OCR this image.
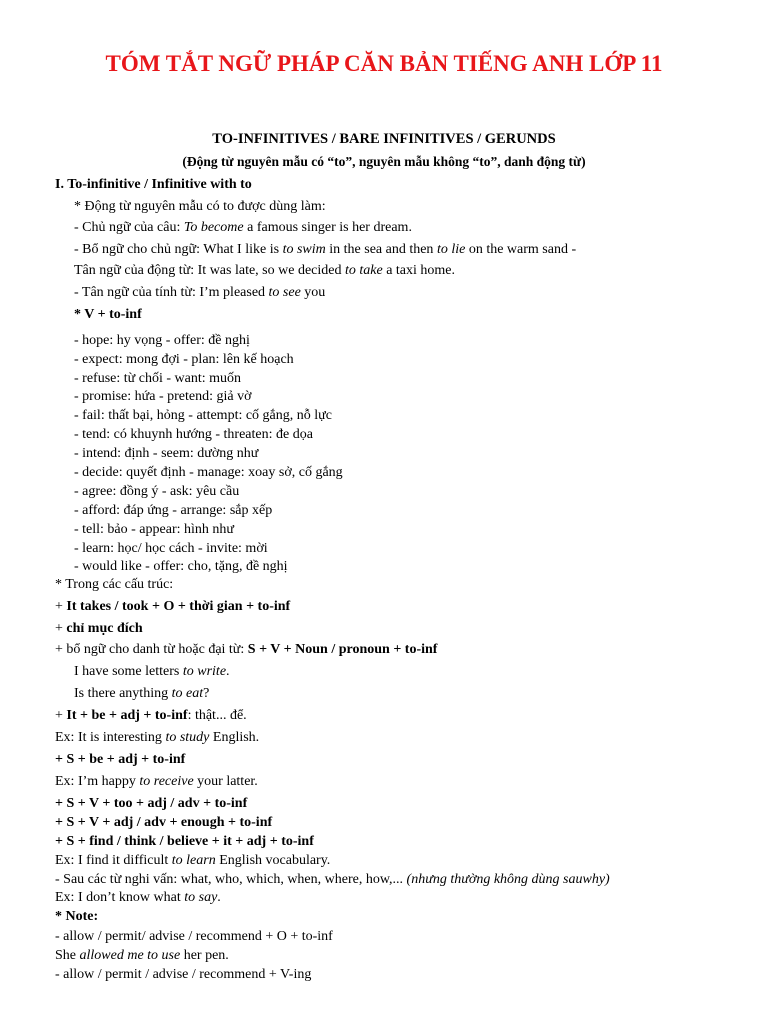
TÓM TẮT NGỮ PHÁP CĂN BẢN TIẾNG ANH LỚP 11
TO-INFINITIVES / BARE INFINITIVES / GERUNDS
(Động từ nguyên mẫu có “to”, nguyên mẫu không “to”, danh động từ)
I. To-infinitive / Infinitive with to
* Động từ nguyên mẫu có to được dùng làm:
- Chủ ngữ của câu: To become a famous singer is her dream.
- Bổ ngữ cho chủ ngữ: What I like is to swim in the sea and then to lie on the warm sand -
Tân ngữ của động từ: It was late, so we decided to take a taxi home.
- Tân ngữ của tính từ: I’m pleased to see you
* V + to-inf
- hope: hy vọng - offer: đề nghị
- expect: mong đợi - plan: lên kế hoạch
- refuse: từ chối - want: muốn
- promise: hứa - pretend: giả vờ
- fail: thất bại, hỏng - attempt: cố gắng, nỗ lực
- tend: có khuynh hướng - threaten: đe dọa
- intend: định - seem: dường như
- decide: quyết định - manage: xoay sở, cố gắng
- agree: đồng ý - ask: yêu cầu
- afford: đáp ứng - arrange: sắp xếp
- tell: bảo - appear: hình như
- learn: học/ học cách - invite: mời
- would like - offer: cho, tặng, đề nghị
* Trong các cấu trúc:
+ It takes / took + O + thời gian + to-inf
+ chỉ mục đích
+ bổ ngữ cho danh từ hoặc đại từ: S + V + Noun / pronoun + to-inf
I have some letters to write.
Is there anything to eat?
+ It + be + adj + to-inf: thật... để.
Ex: It is interesting to study English.
+ S + be + adj + to-inf
Ex: I’m happy to receive your latter.
+ S + V + too + adj / adv + to-inf
+ S + V + adj / adv + enough + to-inf
+ S + find / think / believe + it + adj + to-inf
Ex: I find it difficult to learn English vocabulary.
- Sau các từ nghi vấn: what, who, which, when, where, how,... (nhưng thường không dùng sauwhy)
Ex: I don’t know what to say.
* Note:
- allow / permit/ advise / recommend + O + to-inf
She allowed me to use her pen.
- allow / permit / advise / recommend + V-ing
